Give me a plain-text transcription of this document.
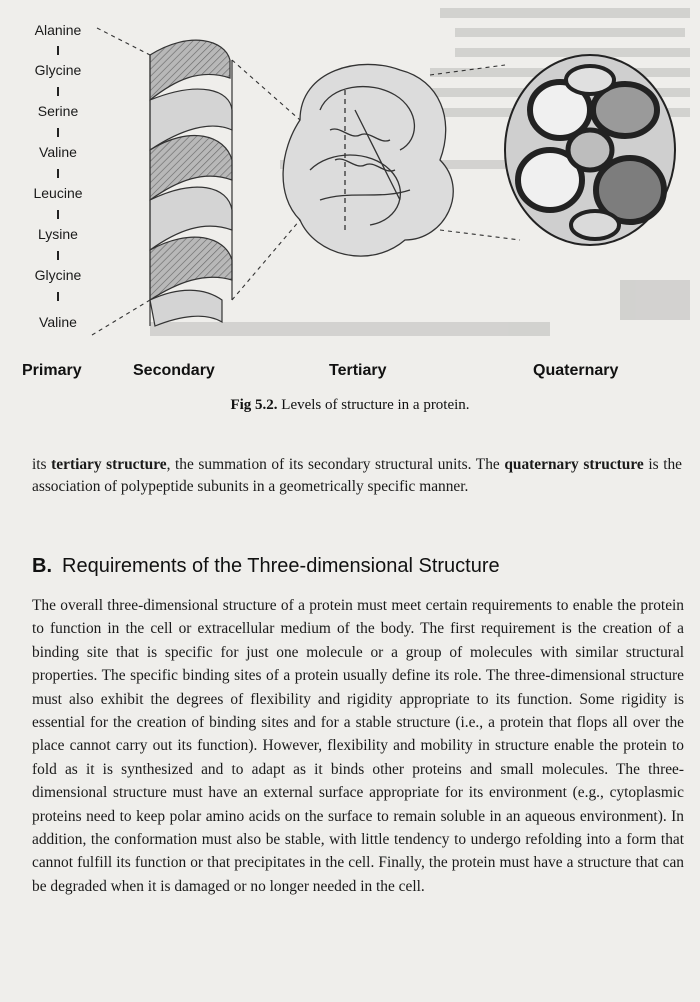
Alanine
Glycine
Serine
Valine
Leucine
Lysine
Glycine
Valine
Primary	Secondary	Tertiary	Quaternary
Fig 5.2. Levels of structure in a protein.

its tertiary structure, the summation of its secondary structural units. The quaternary structure is the association of polypeptide subunits in a geometrically specific manner.

B. Requirements of the Three-dimensional Structure

The overall three-dimensional structure of a protein must meet certain requirements to enable the protein to function in the cell or extracellular medium of the body. The first requirement is the creation of a binding site that is specific for just one molecule or a group of molecules with similar structural properties. The specific binding sites of a protein usually define its role. The three-dimensional structure must also exhibit the degrees of flexibility and rigidity appropriate to its function. Some rigidity is essential for the creation of binding sites and for a stable structure (i.e., a protein that flops all over the place cannot carry out its function). However, flexibility and mobility in structure enable the protein to fold as it is synthesized and to adapt as it binds other proteins and small molecules. The three-dimensional structure must have an external surface appropriate for its environment (e.g., cytoplasmic proteins need to keep polar amino acids on the surface to remain soluble in an aqueous environment). In addition, the conformation must also be stable, with little tendency to undergo refolding into a form that cannot fulfill its function or that precipitates in the cell. Finally, the protein must have a structure that can be degraded when it is damaged or no longer needed in the cell.
